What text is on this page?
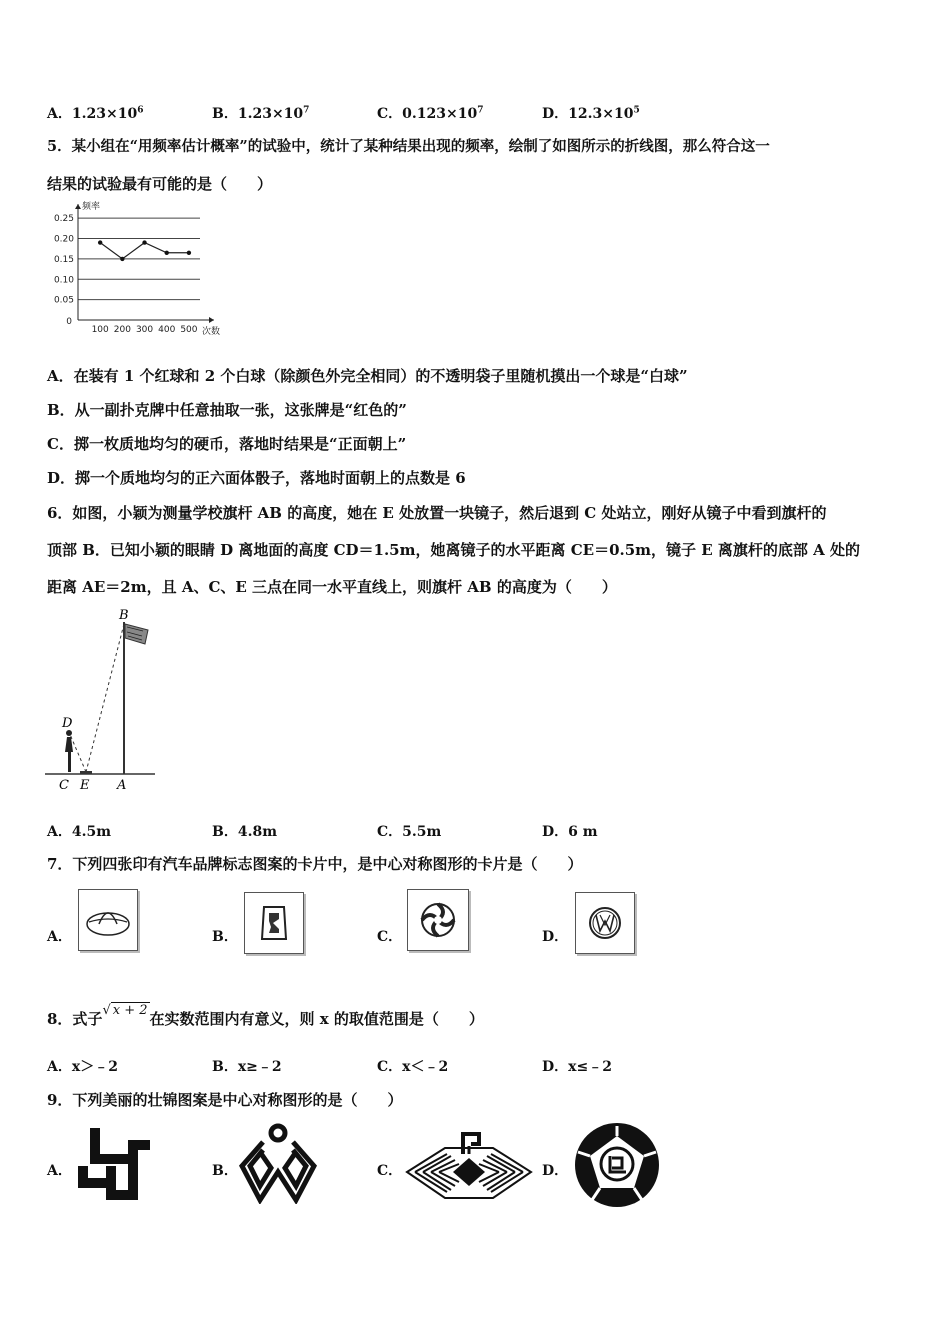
A．$1.23\times 10^6$	B．$1.23\times 10^7$	C．$0.123\times 10^7$	D．$12.3\times 10^5$
5．某小组在“用频率估计概率”的试验中，统计了某种结果出现的频率，绘制了如图所示的折线图，那么符合这一
结果的试验最有可能的是（　　）
0.25
0.20
0.15
0.10
0.05
0
频率
次数
100 200 300 400 500
A．在装有 1 个红球和 2 个白球（除颜色外完全相同）的不透明袋子里随机摸出一个球是“白球”
B．从一副扑克牌中任意抽取一张，这张牌是“红色的”
C．掷一枚质地均匀的硬币，落地时结果是“正面朝上”
D．掷一个质地均匀的正六面体骰子，落地时面朝上的点数是 6
6．如图，小颖为测量学校旗杆 AB 的高度，她在 E 处放置一块镜子，然后退到 C 处站立，刚好从镜子中看到旗杆的
顶部 B．已知小颖的眼睛 D 离地面的高度 CD＝1.5m，她离镜子的水平距离 CE＝0.5m，镜子 E 离旗杆的底部 A 处的
距离 AE＝2m，且 A、C、E 三点在同一水平直线上，则旗杆 AB 的高度为（　　）
B
D
C E A
A．4.5m	B．4.8m	C．5.5m	D．6 m
7．下列四张印有汽车品牌标志图案的卡片中，是中心对称图形的卡片是（　　）
A．	B．	C．	D．
8．式子√ x + 2 在实数范围内有意义，则 x 的取值范围是（　　）
A．x＞﹣2	B．x≥﹣2	C．x＜﹣2	D．x≤﹣2
9．下列美丽的壮锦图案是中心对称图形的是（　　）
A．	B．	C．	D．
